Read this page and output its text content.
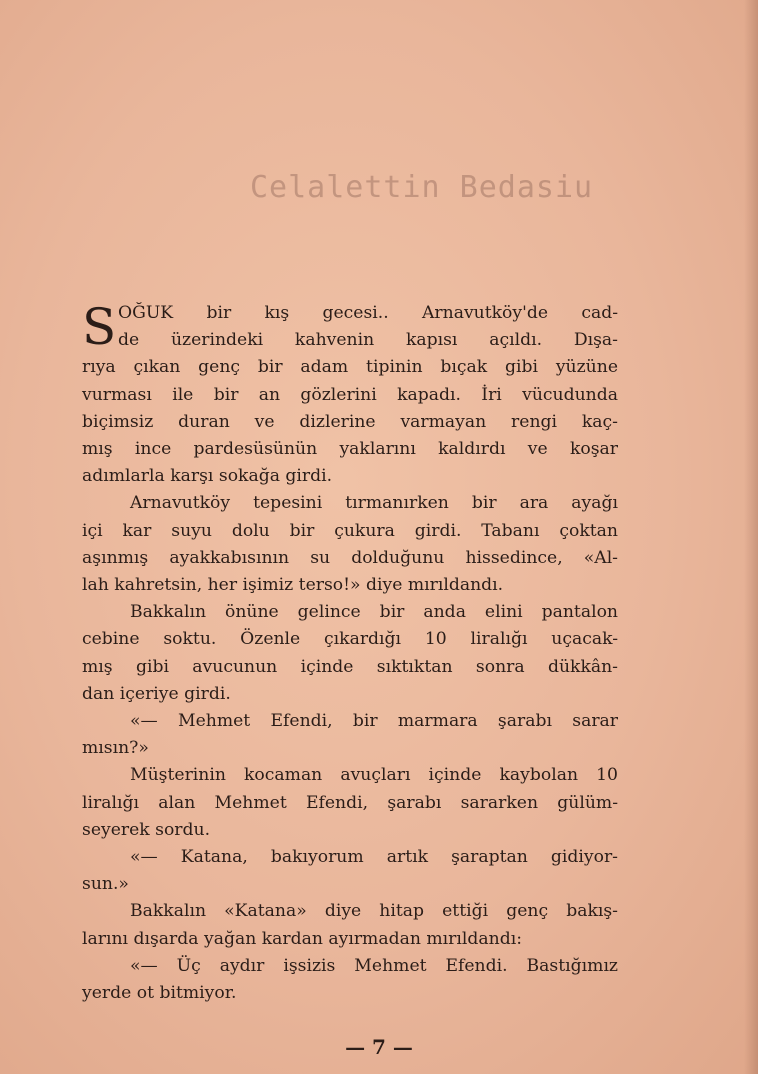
Celalettin Bedasiu
S OĞUK bir kış gecesi.. Arnavutköy'de cad-
de üzerindeki kahvenin kapısı açıldı. Dışa-
rıya çıkan genç bir adam tipinin bıçak gibi yüzüne
vurması ile bir an gözlerini kapadı. İri vücudunda
biçimsiz duran ve dizlerine varmayan rengi kaç-
mış ince pardesüsünün yaklarını kaldırdı ve koşar
adımlarla karşı sokağa girdi.
Arnavutköy tepesini tırmanırken bir ara ayağı
içi kar suyu dolu bir çukura girdi. Tabanı çoktan
aşınmış ayakkabısının su dolduğunu hissedince, «Al-
lah kahretsin, her işimiz terso!» diye mırıldandı.
Bakkalın önüne gelince bir anda elini pantalon
cebine soktu. Özenle çıkardığı 10 liralığı uçacak-
mış gibi avucunun içinde sıktıktan sonra dükkân-
dan içeriye girdi.
«— Mehmet Efendi, bir marmara şarabı sarar
mısın?»
Müşterinin kocaman avuçları içinde kaybolan 10
liralığı alan Mehmet Efendi, şarabı sararken gülüm-
seyerek sordu.
«— Katana, bakıyorum artık şaraptan gidiyor-
sun.»
Bakkalın «Katana» diye hitap ettiği genç bakış-
larını dışarda yağan kardan ayırmadan mırıldandı:
«— Üç aydır işsizis Mehmet Efendi. Bastığımız
yerde ot bitmiyor.
— 7 —
